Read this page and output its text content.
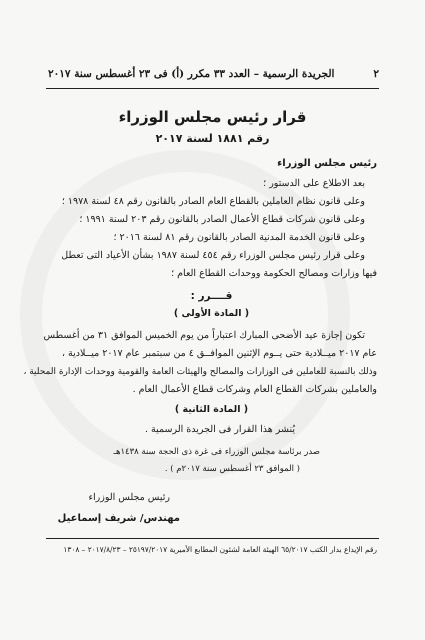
٢
الجريدة الرسمية – العدد ٣٣ مكرر (أ) فى ٢٣ أغسطس سنة ٢٠١٧
قرار رئيس مجلس الوزراء
رقم ١٨٨١ لسنة ٢٠١٧
رئيس مجلس الوزراء
بعد الاطلاع على الدستور ؛
وعلى قانون نظام العاملين بالقطاع العام الصادر بالقانون رقم ٤٨ لسنة ١٩٧٨ ؛
وعلى قانون شركات قطاع الأعمال الصادر بالقانون رقم ٢٠٣ لسنة ١٩٩١ ؛
وعلى قانون الخدمة المدنية الصادر بالقانون رقم ٨١ لسنة ٢٠١٦ ؛
وعلى قرار رئيس مجلس الوزراء رقم ٤٥٤ لسنة ١٩٨٧ بشأن الأعياد التى تعطل
فيها وزارات ومصالح الحكومة ووحدات القطاع العام ؛
قــــرر :
( المادة الأولى )
تكون إجازة عيد الأضحى المبارك اعتباراً من يوم الخميس الموافق ٣١ من أغسطس
عام ٢٠١٧ ميــلادية حتى يــوم الإثنين الموافــق ٤ من سبتمبر عام ٢٠١٧ ميــلادية ،
وذلك بالنسبة للعاملين فى الوزارات والمصالح والهيئات العامة والقومية ووحدات الإدارة المحلية ،
والعاملين بشركات القطاع العام وشركات قطاع الأعمال العام .
( المادة الثانية )
يُنشر هذا القرار فى الجريدة الرسمية .
صدر برئاسة مجلس الوزراء فى غرة ذى الحجة سنة ١٤٣٨هـ
( الموافق ٢٣ أغسطس سنة ٢٠١٧م ) .
رئيس مجلس الوزراء
مهندس/ شريف إسماعيل
رقم الإيداع بدار الكتب ٦٥/٢٠١٧ الهيئة العامة لشئون المطابع الأميرية ٢٥١٩٧/٢٠١٧ – ٢٠١٧/٨/٢٣ – ١٣٠٨
